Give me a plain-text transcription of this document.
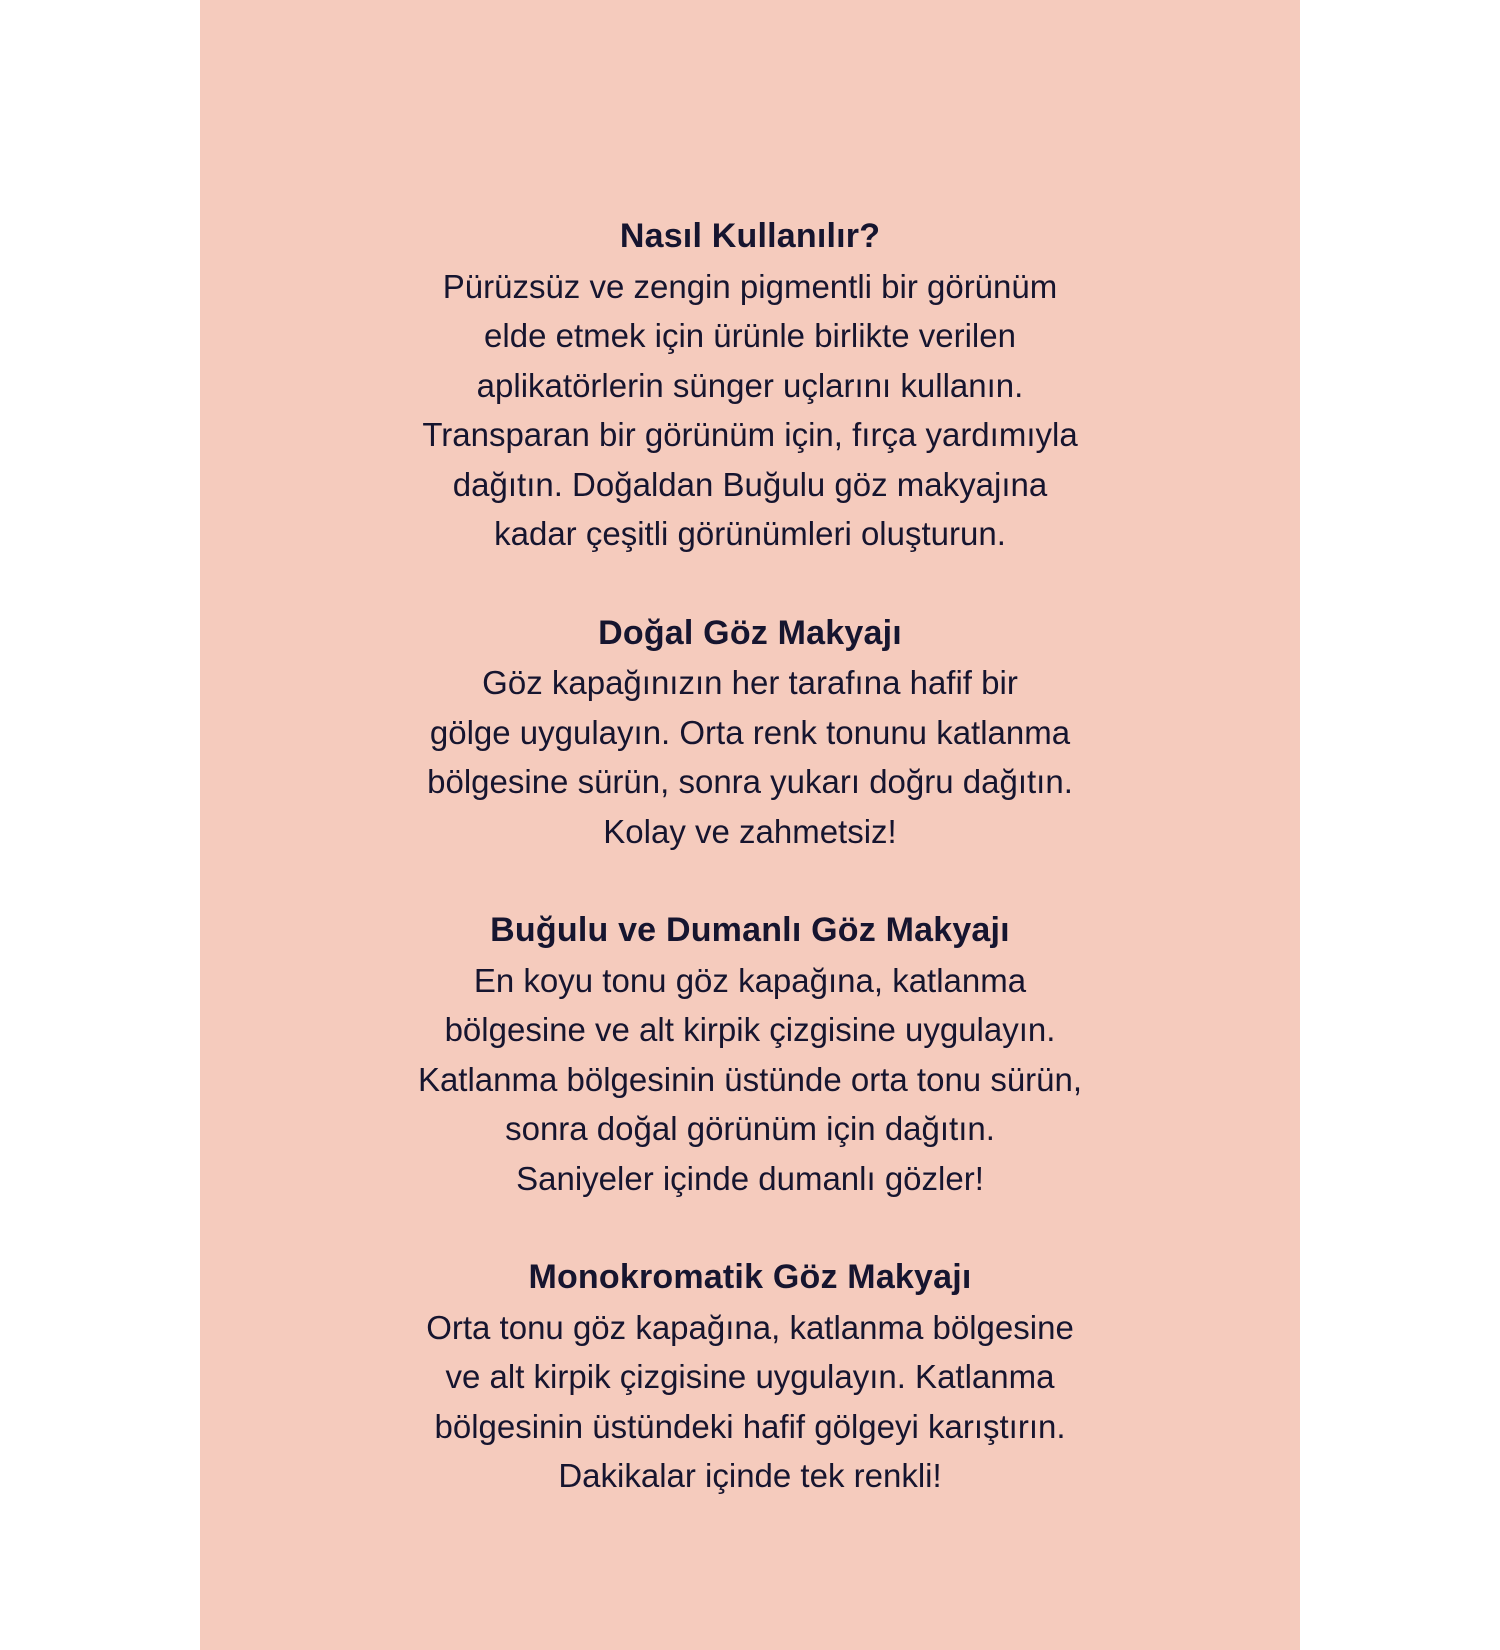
Nasıl Kullanılır?

Pürüzsüz ve zengin pigmentli bir görünüm

elde etmek için ürünle birlikte verilen

aplikatörlerin sünger uçlarını kullanın.

Transparan bir görünüm için, fırça yardımıyla

dağıtın. Doğaldan Buğulu göz makyajına

kadar çeşitli görünümleri oluşturun.

Doğal Göz Makyajı

Göz kapağınızın her tarafına hafif bir

gölge uygulayın. Orta renk tonunu katlanma

bölgesine sürün, sonra yukarı doğru dağıtın.

Kolay ve zahmetsiz!

Buğulu ve Dumanlı Göz Makyajı

En koyu tonu göz kapağına, katlanma

bölgesine ve alt kirpik çizgisine uygulayın.

Katlanma bölgesinin üstünde orta tonu sürün,

sonra doğal görünüm için dağıtın.

Saniyeler içinde dumanlı gözler!

Monokromatik Göz Makyajı

Orta tonu göz kapağına, katlanma bölgesine

ve alt kirpik çizgisine uygulayın. Katlanma

bölgesinin üstündeki hafif gölgeyi karıştırın.

Dakikalar içinde tek renkli!
